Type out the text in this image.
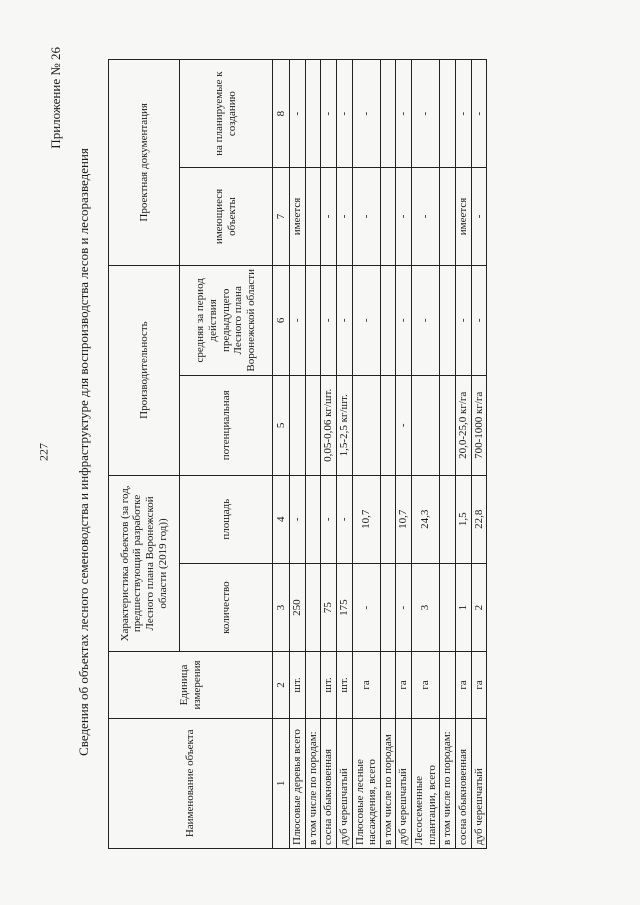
227
Приложение № 26
Сведения об объектах лесного семеноводства и инфраструктуре для воспроизводства лесов и лесоразведения
Наименование объекта	Единица измерения	Характеристика объектов (за год, предшествующий разработке Лесного плана Воронежской области (2019 год))		Производительность		Проектная документация	
		количество	площадь	потенциальная	средняя за период действия предыдущего Лесного плана Воронежской области	имеющиеся объекты	на планируемые к созданию
1	2	3	4	5	6	7	8
Плюсовые деревья всего	шт.	250	-		-	имеется	-
в том числе по породам:							
сосна обыкновенная	шт.	75	-	0,05-0,06 кг/шт.	-	-	-
дуб черешчатый	шт.	175	-	1,5-2,5 кг/шт.	-	-	-
Плюсовые лесные насаждения, всего	га	-	10,7		-	-	-
в том числе по породам							
дуб черешчатый	га	-	10,7	-	-	-	-
Лесосеменные плантации, всего	га	3	24,3		-	-	-
в том числе по породам:							
сосна обыкновенная	га	1	1,5	20,0-25,0 кг/га	-	имеется	-
дуб черешчатый	га	2	22,8	700-1000 кг/га	-	-	-
